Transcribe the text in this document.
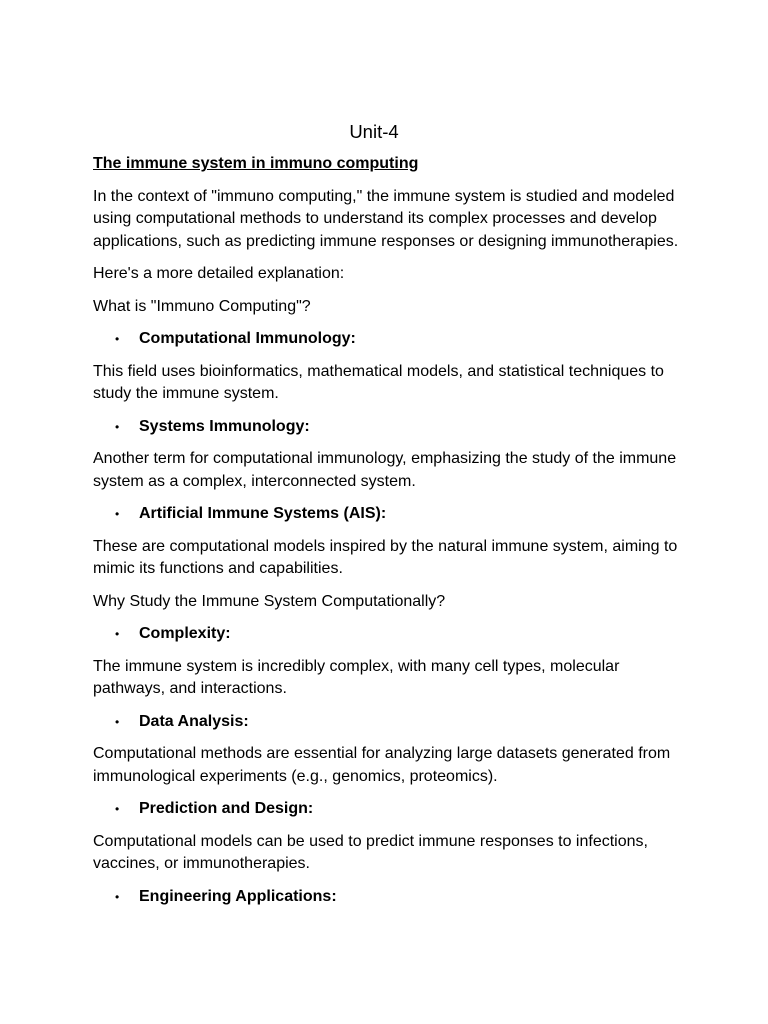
Unit-4
The immune system in immuno computing

In the context of "immuno computing," the immune system is studied and modeled using computational methods to understand its complex processes and develop applications, such as predicting immune responses or designing immunotherapies.

Here's a more detailed explanation:

What is "Immuno Computing"?

•	Computational Immunology:

This field uses bioinformatics, mathematical models, and statistical techniques to study the immune system.

•	Systems Immunology:

Another term for computational immunology, emphasizing the study of the immune system as a complex, interconnected system.

•	Artificial Immune Systems (AIS):

These are computational models inspired by the natural immune system, aiming to mimic its functions and capabilities.

Why Study the Immune System Computationally?

•	Complexity:

The immune system is incredibly complex, with many cell types, molecular pathways, and interactions.

•	Data Analysis:

Computational methods are essential for analyzing large datasets generated from immunological experiments (e.g., genomics, proteomics).

•	Prediction and Design:

Computational models can be used to predict immune responses to infections, vaccines, or immunotherapies.

•	Engineering Applications:
